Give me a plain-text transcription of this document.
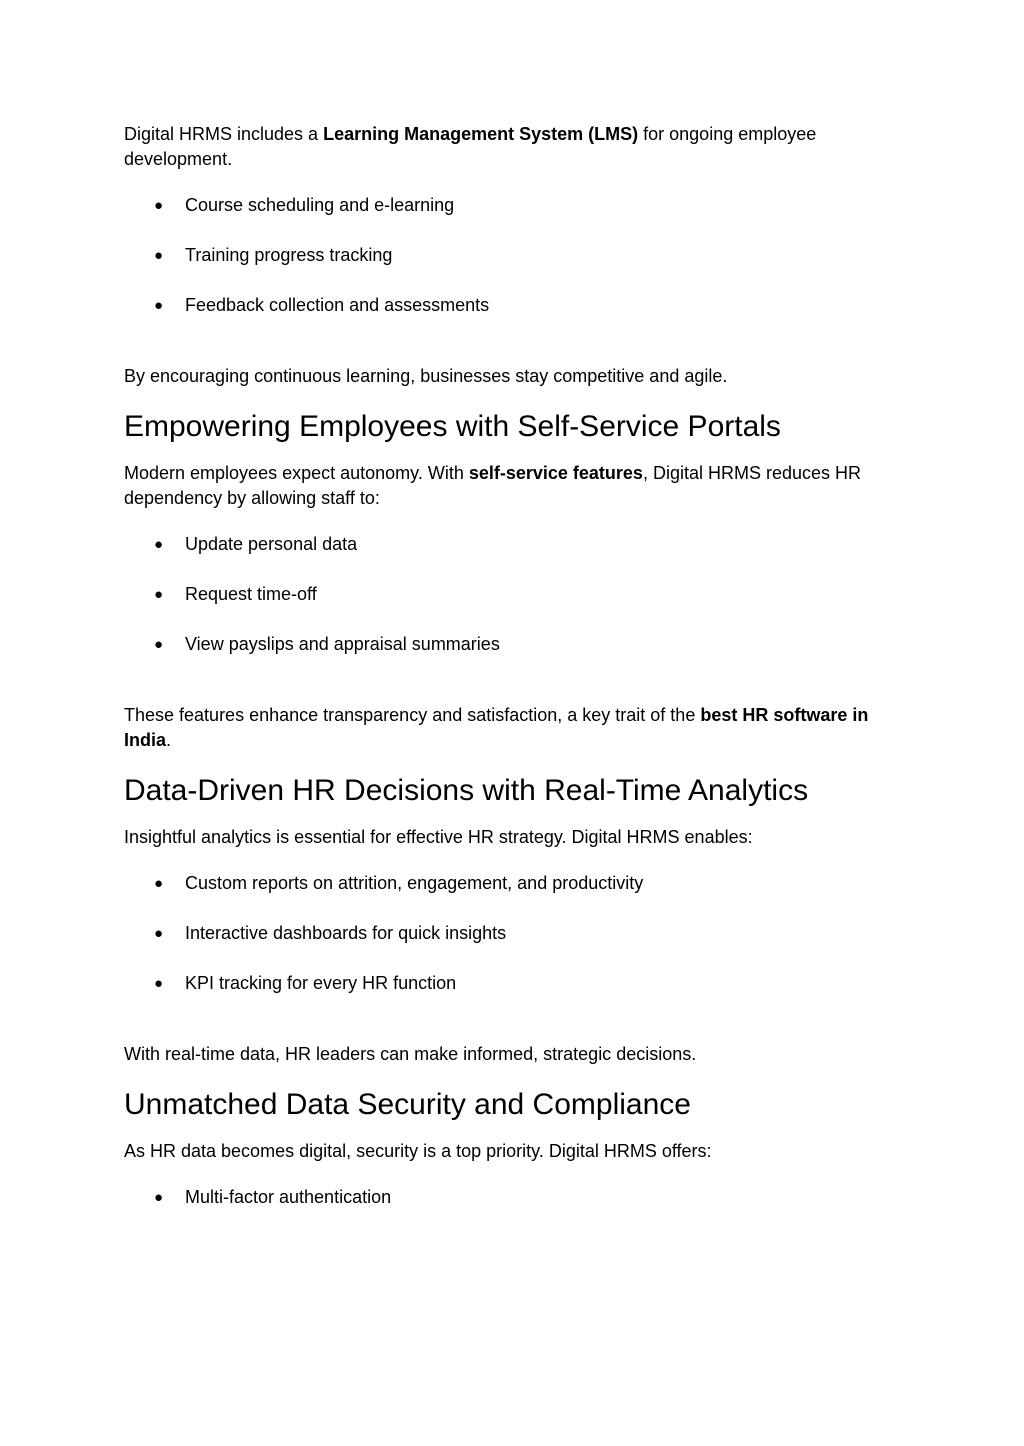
Digital HRMS includes a Learning Management System (LMS) for ongoing employee development.

● Course scheduling and e-learning
● Training progress tracking
● Feedback collection and assessments

By encouraging continuous learning, businesses stay competitive and agile.

Empowering Employees with Self-Service Portals

Modern employees expect autonomy. With self-service features, Digital HRMS reduces HR dependency by allowing staff to:

● Update personal data
● Request time-off
● View payslips and appraisal summaries

These features enhance transparency and satisfaction, a key trait of the best HR software in India.

Data-Driven HR Decisions with Real-Time Analytics

Insightful analytics is essential for effective HR strategy. Digital HRMS enables:

● Custom reports on attrition, engagement, and productivity
● Interactive dashboards for quick insights
● KPI tracking for every HR function

With real-time data, HR leaders can make informed, strategic decisions.

Unmatched Data Security and Compliance

As HR data becomes digital, security is a top priority. Digital HRMS offers:

● Multi-factor authentication
